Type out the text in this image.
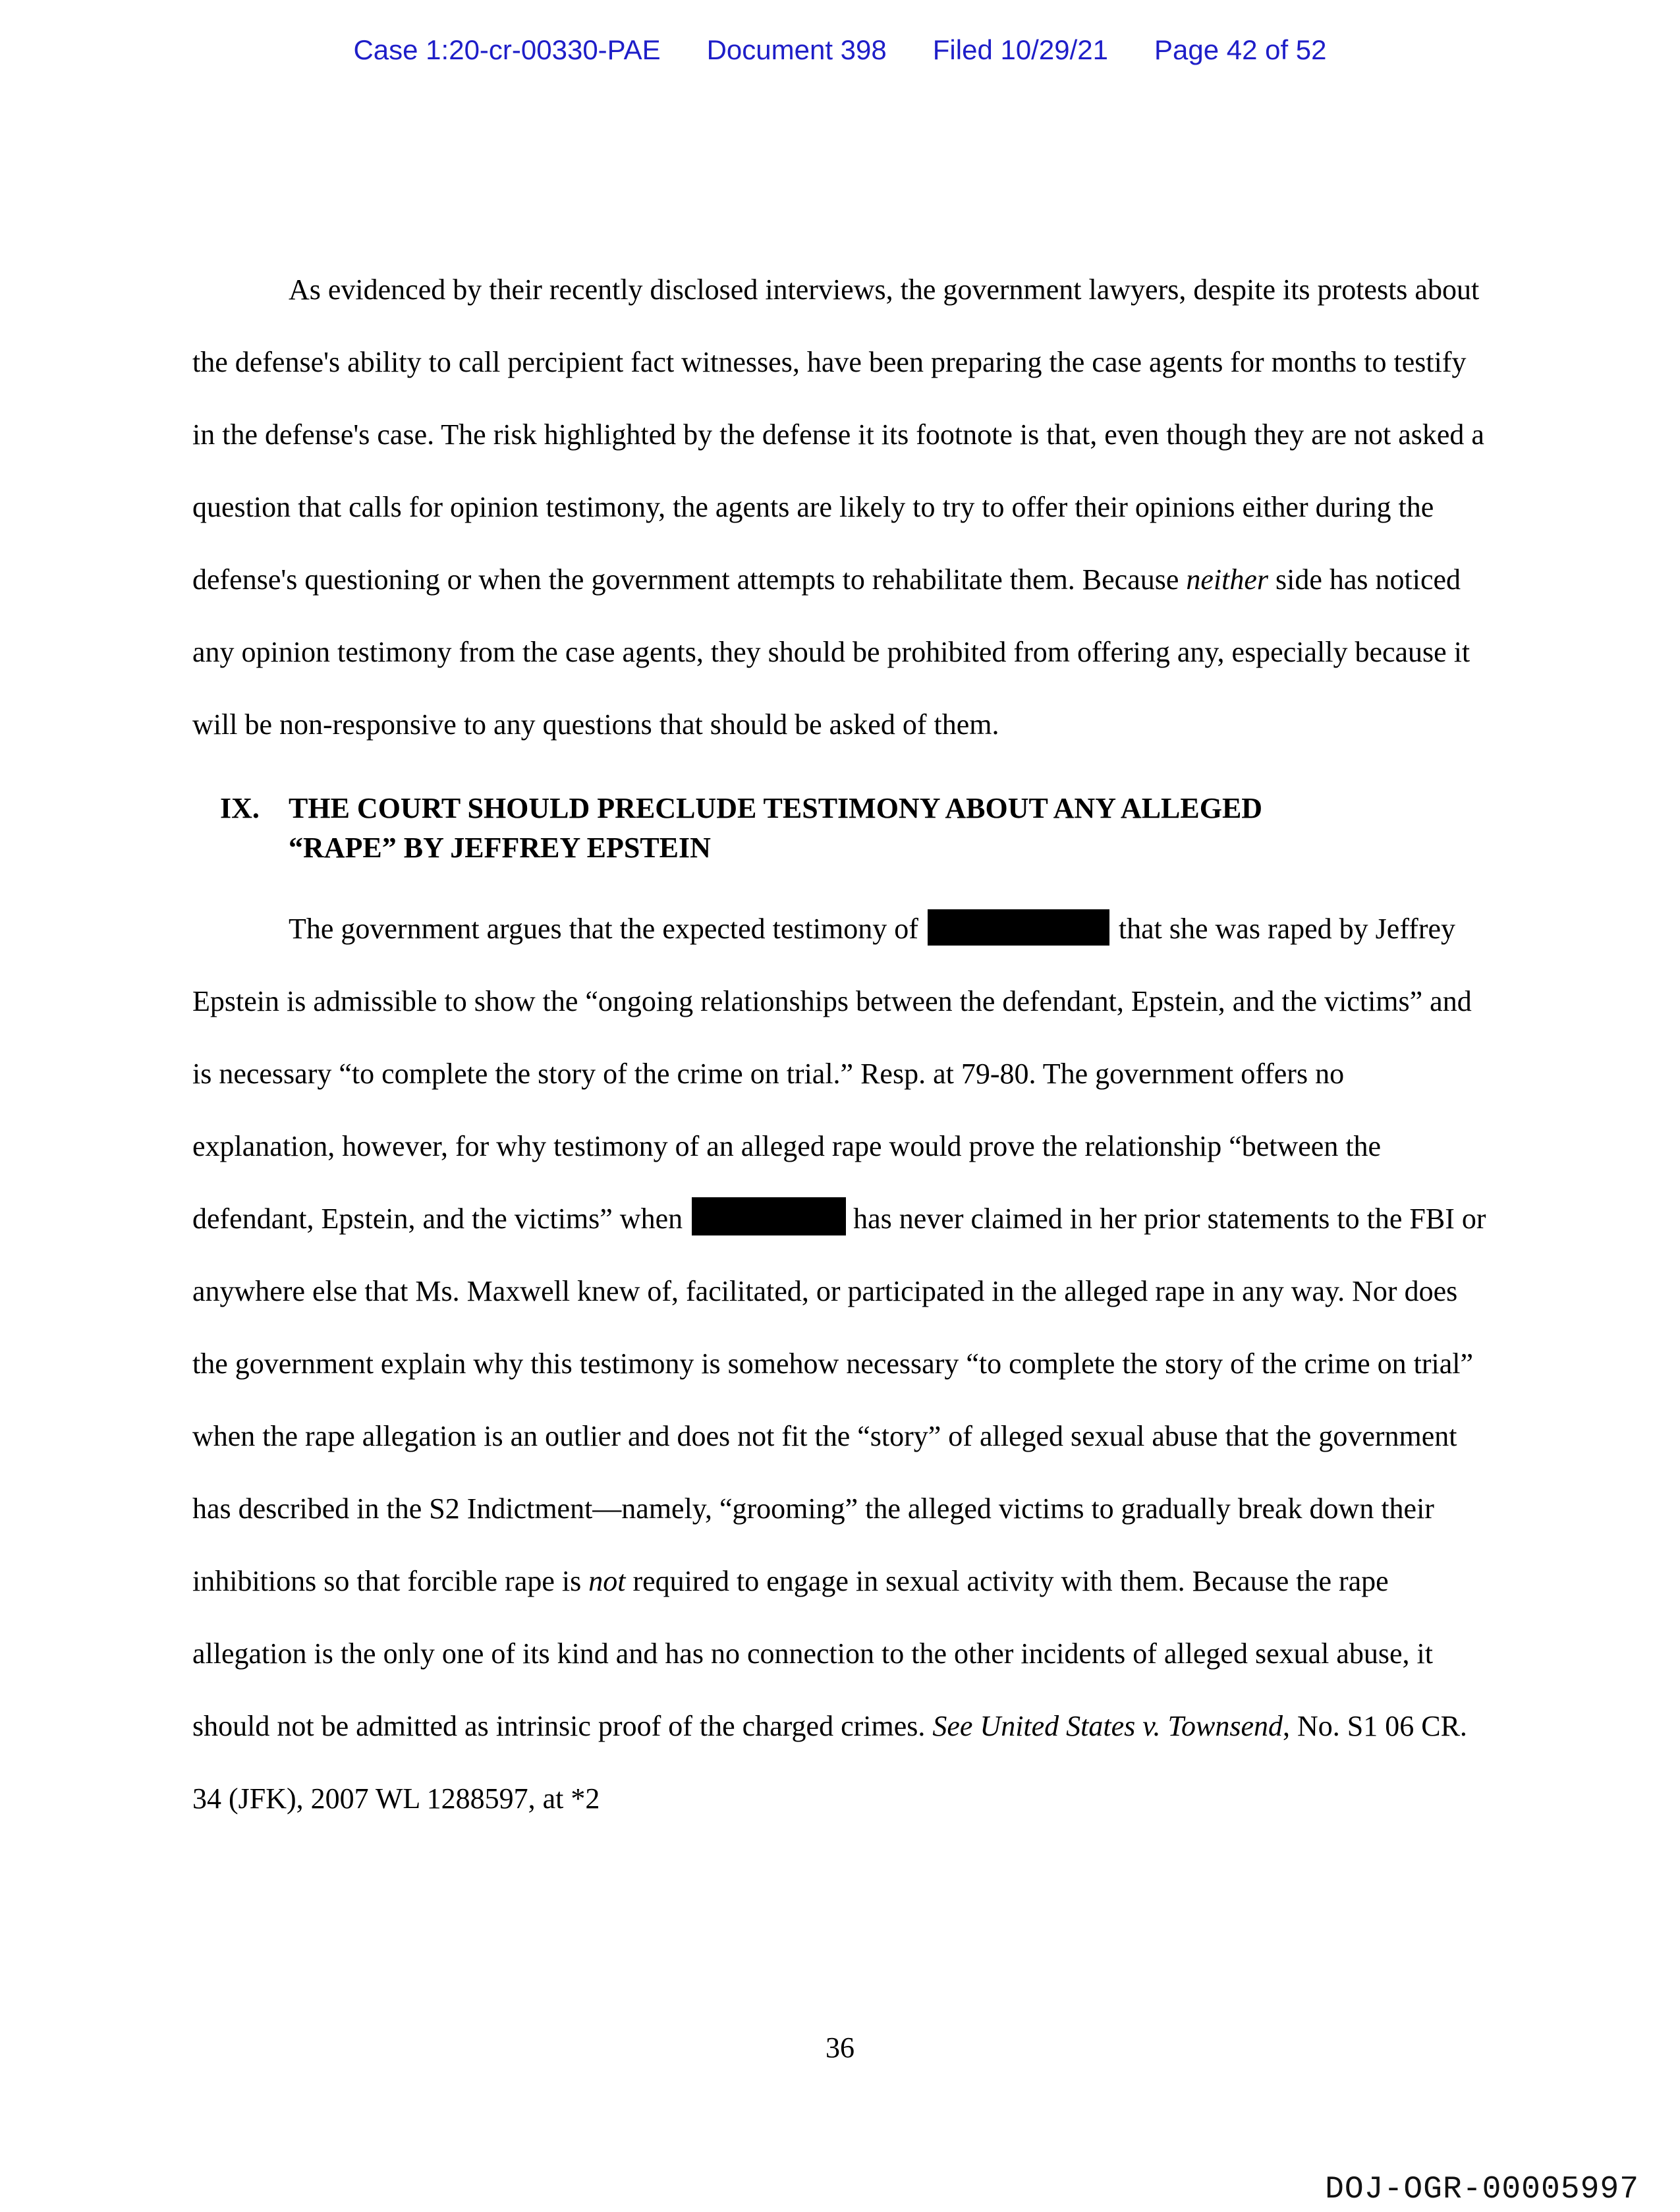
Case 1:20-cr-00330-PAE Document 398 Filed 10/29/21 Page 42 of 52

As evidenced by their recently disclosed interviews, the government lawyers, despite its protests about the defense's ability to call percipient fact witnesses, have been preparing the case agents for months to testify in the defense's case. The risk highlighted by the defense it its footnote is that, even though they are not asked a question that calls for opinion testimony, the agents are likely to try to offer their opinions either during the defense's questioning or when the government attempts to rehabilitate them. Because neither side has noticed any opinion testimony from the case agents, they should be prohibited from offering any, especially because it will be non-responsive to any questions that should be asked of them.

IX.	THE COURT SHOULD PRECLUDE TESTIMONY ABOUT ANY ALLEGED
“RAPE” BY JEFFREY EPSTEIN

The government argues that the expected testimony of	that she was raped by Jeffrey Epstein is admissible to show the “ongoing relationships between the defendant, Epstein, and the victims” and is necessary “to complete the story of the crime on trial.” Resp. at 79-80. The government offers no explanation, however, for why testimony of an alleged rape would prove the relationship “between the defendant, Epstein, and the victims” when	has never claimed in her prior statements to the FBI or anywhere else that Ms. Maxwell knew of, facilitated, or participated in the alleged rape in any way. Nor does the government explain why this testimony is somehow necessary “to complete the story of the crime on trial” when the rape allegation is an outlier and does not fit the “story” of alleged sexual abuse that the government has described in the S2 Indictment—namely, “grooming” the alleged victims to gradually break down their inhibitions so that forcible rape is not required to engage in sexual activity with them. Because the rape allegation is the only one of its kind and has no connection to the other incidents of alleged sexual abuse, it should not be admitted as intrinsic proof of the charged crimes. See United States v. Townsend, No. S1 06 CR. 34 (JFK), 2007 WL 1288597, at *2

36
DOJ-OGR-00005997
